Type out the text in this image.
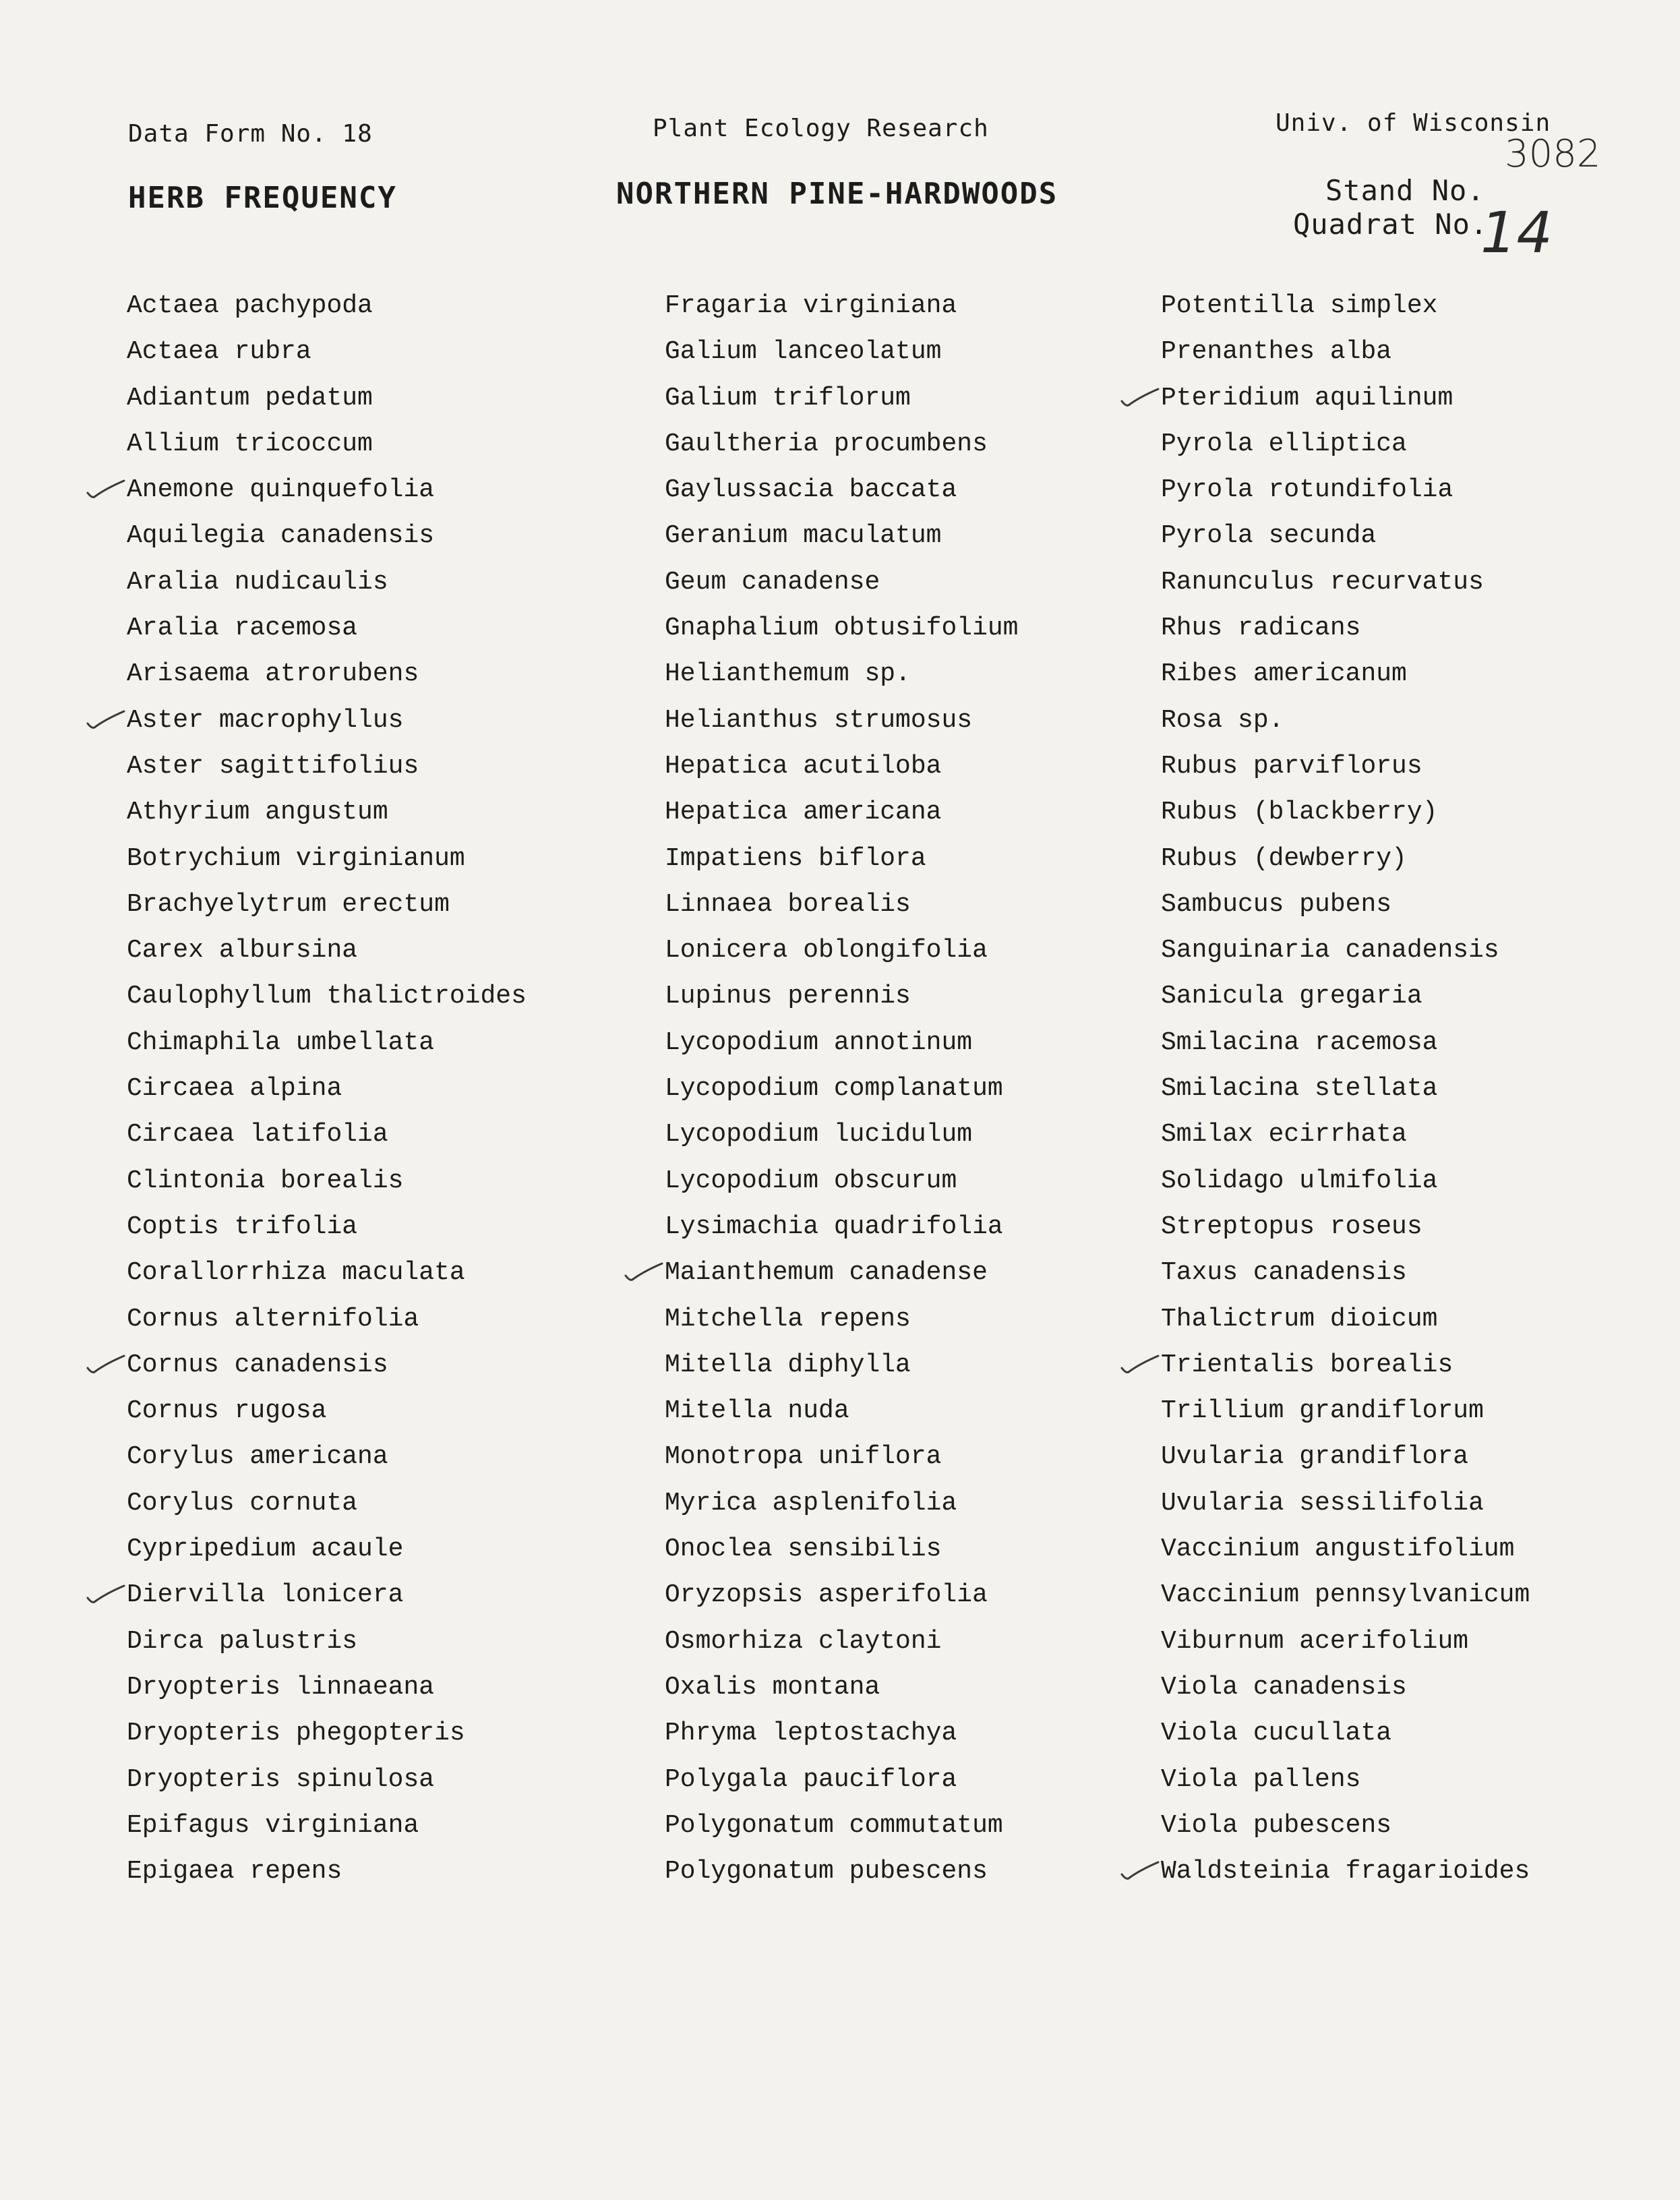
Data Form No. 18	Plant Ecology Research	Univ. of Wisconsin
HERB FREQUENCY	NORTHERN PINE-HARDWOODS	Stand No.
Quadrat No.
3082
14
Actaea pachypoda
Actaea rubra
Adiantum pedatum
Allium tricoccum
Anemone quinquefolia
Aquilegia canadensis
Aralia nudicaulis
Aralia racemosa
Arisaema atrorubens
Aster macrophyllus
Aster sagittifolius
Athyrium angustum
Botrychium virginianum
Brachyelytrum erectum
Carex albursina
Caulophyllum thalictroides
Chimaphila umbellata
Circaea alpina
Circaea latifolia
Clintonia borealis
Coptis trifolia
Corallorrhiza maculata
Cornus alternifolia
Cornus canadensis
Cornus rugosa
Corylus americana
Corylus cornuta
Cypripedium acaule
Diervilla lonicera
Dirca palustris
Dryopteris linnaeana
Dryopteris phegopteris
Dryopteris spinulosa
Epifagus virginiana
Epigaea repens
Fragaria virginiana
Galium lanceolatum
Galium triflorum
Gaultheria procumbens
Gaylussacia baccata
Geranium maculatum
Geum canadense
Gnaphalium obtusifolium
Helianthemum sp.
Helianthus strumosus
Hepatica acutiloba
Hepatica americana
Impatiens biflora
Linnaea borealis
Lonicera oblongifolia
Lupinus perennis
Lycopodium annotinum
Lycopodium complanatum
Lycopodium lucidulum
Lycopodium obscurum
Lysimachia quadrifolia
Maianthemum canadense
Mitchella repens
Mitella diphylla
Mitella nuda
Monotropa uniflora
Myrica asplenifolia
Onoclea sensibilis
Oryzopsis asperifolia
Osmorhiza claytoni
Oxalis montana
Phryma leptostachya
Polygala pauciflora
Polygonatum commutatum
Polygonatum pubescens
Potentilla simplex
Prenanthes alba
Pteridium aquilinum
Pyrola elliptica
Pyrola rotundifolia
Pyrola secunda
Ranunculus recurvatus
Rhus radicans
Ribes americanum
Rosa sp.
Rubus parviflorus
Rubus (blackberry)
Rubus (dewberry)
Sambucus pubens
Sanguinaria canadensis
Sanicula gregaria
Smilacina racemosa
Smilacina stellata
Smilax ecirrhata
Solidago ulmifolia
Streptopus roseus
Taxus canadensis
Thalictrum dioicum
Trientalis borealis
Trillium grandiflorum
Uvularia grandiflora
Uvularia sessilifolia
Vaccinium angustifolium
Vaccinium pennsylvanicum
Viburnum acerifolium
Viola canadensis
Viola cucullata
Viola pallens
Viola pubescens
Waldsteinia fragarioides
